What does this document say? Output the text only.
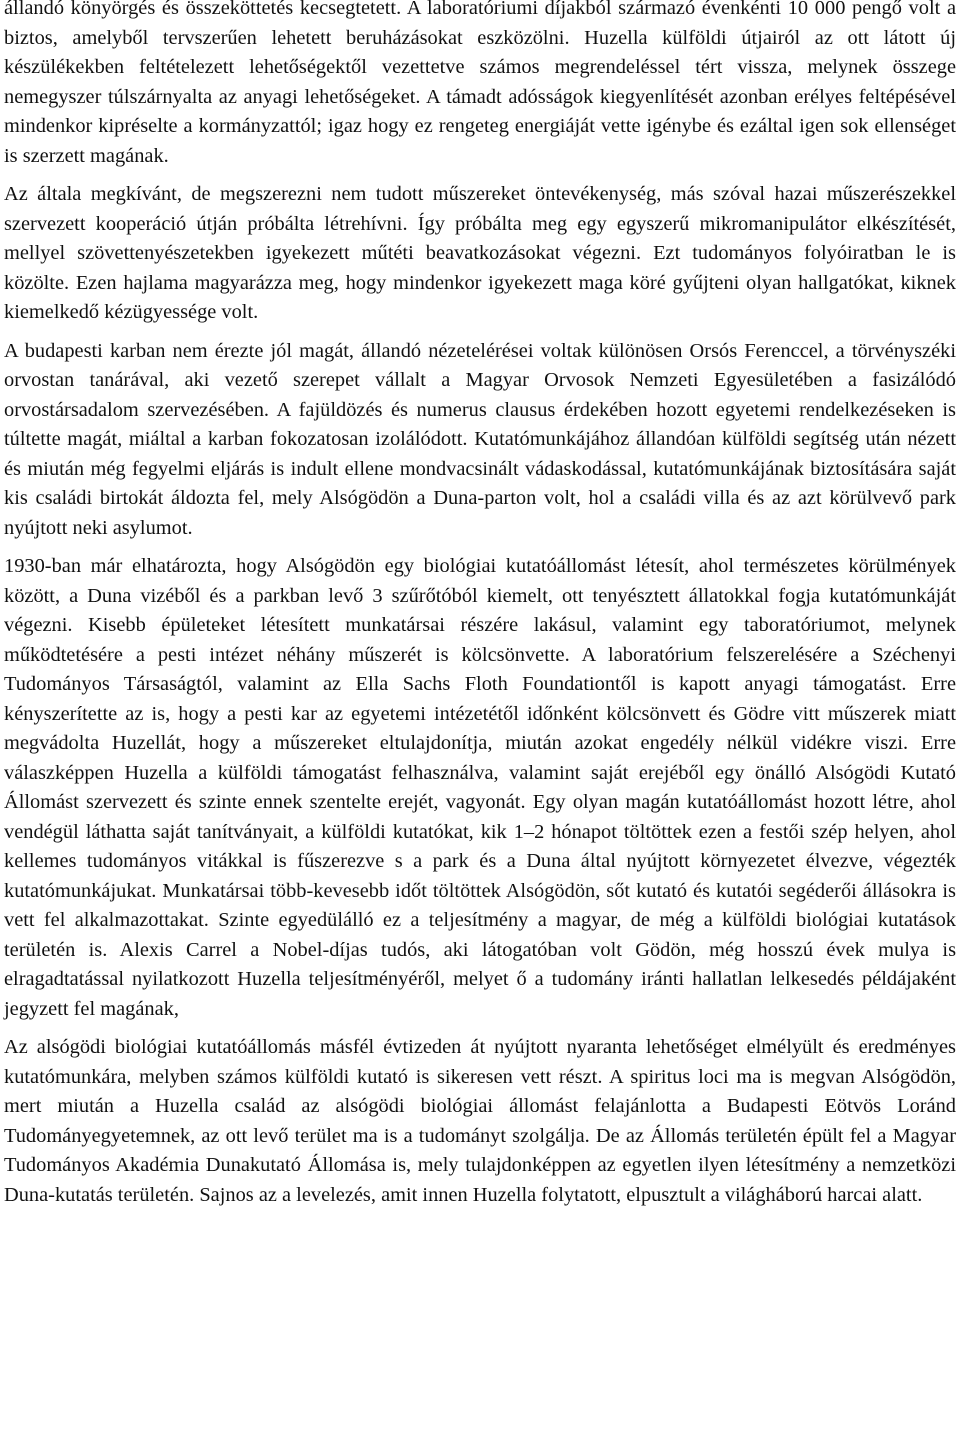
állandó könyörgés és összeköttetés kecsegtetett. A laboratóriumi díjakból származó évenkénti 10 000 pengő volt a biztos, amelyből tervszerűen lehetett beruházásokat eszközölni. Huzella külföldi útjairól az ott látott új készülékekben feltételezett lehetőségektől vezettetve számos megrendeléssel tért vissza, melynek összege nemegyszer túlszárnyalta az anyagi lehetőségeket. A támadt adósságok kiegyenlítését azonban erélyes feltépésével mindenkor kipréselte a kormányzattól; igaz hogy ez rengeteg energiáját vette igénybe és ezáltal igen sok ellenséget is szerzett magának.

Az általa megkívánt, de megszerezni nem tudott műszereket öntevékenység, más szóval hazai műszerészekkel szervezett kooperáció útján próbálta létrehívni. Így próbálta meg egy egyszerű mikromanipulátor elkészítését, mellyel szövettenyészetekben igyekezett műtéti beavatkozásokat végezni. Ezt tudományos folyóiratban le is közölte. Ezen hajlama magyarázza meg, hogy mindenkor igyekezett maga köré gyűjteni olyan hallgatókat, kiknek kiemelkedő kézügyessége volt.

A budapesti karban nem érezte jól magát, állandó nézetelérései voltak különösen Orsós Ferenccel, a törvényszéki orvostan tanárával, aki vezető szerepet vállalt a Magyar Orvosok Nemzeti Egyesületében a fasizálódó orvostársadalom szervezésében. A fajüldözés és numerus clausus érdekében hozott egyetemi rendelkezéseken is túltette magát, miáltal a karban fokozatosan izolálódott. Kutatómunkájához állandóan külföldi segítség után nézett és miután még fegyelmi eljárás is indult ellene mondvacsinált vádaskodással, kutatómunkájának biztosítására saját kis családi birtokát áldozta fel, mely Alsógödön a Duna-parton volt, hol a családi villa és az azt körülvevő park nyújtott neki asylumot.

1930-ban már elhatározta, hogy Alsógödön egy biológiai kutatóállomást létesít, ahol természetes körülmények között, a Duna vizéből és a parkban levő 3 szűrőtóból kiemelt, ott tenyésztett állatokkal fogja kutatómunkáját végezni. Kisebb épületeket létesített munkatársai részére lakásul, valamint egy taboratóriumot, melynek működtetésére a pesti intézet néhány műszerét is kölcsönvette. A laboratórium felszerelésére a Széchenyi Tudományos Társaságtól, valamint az Ella Sachs Floth Foundationtől is kapott anyagi támogatást. Erre kényszerítette az is, hogy a pesti kar az egyetemi intézetétől időnként kölcsönvett és Gödre vitt műszerek miatt megvádolta Huzellát, hogy a műszereket eltulajdonítja, miután azokat engedély nélkül vidékre viszi. Erre válaszképpen Huzella a külföldi támogatást felhasználva, valamint saját erejéből egy önálló Alsógödi Kutató Állomást szervezett és szinte ennek szentelte erejét, vagyonát. Egy olyan magán kutatóállomást hozott létre, ahol vendégül láthatta saját tanítványait, a külföldi kutatókat, kik 1–2 hónapot töltöttek ezen a festői szép helyen, ahol kellemes tudományos vitákkal is fűszerezve s a park és a Duna által nyújtott környezetet élvezve, végezték kutatómunkájukat. Munkatársai több-kevesebb időt töltöttek Alsógödön, sőt kutató és kutatói segéderői állásokra is vett fel alkalmazottakat. Szinte egyedülálló ez a teljesítmény a magyar, de még a külföldi biológiai kutatások területén is. Alexis Carrel a Nobel-díjas tudós, aki látogatóban volt Gödön, még hosszú évek mulya is elragadtatással nyilatkozott Huzella teljesítményéről, melyet ő a tudomány iránti hallatlan lelkesedés példájaként jegyzett fel magának,

Az alsógödi biológiai kutatóállomás másfél évtizeden át nyújtott nyaranta lehetőséget elmélyült és eredményes kutatómunkára, melyben számos külföldi kutató is sikeresen vett részt. A spiritus loci ma is megvan Alsógödön, mert miután a Huzella család az alsógödi biológiai állomást felajánlotta a Budapesti Eötvös Loránd Tudományegyetemnek, az ott levő terület ma is a tudományt szolgálja. De az Állomás területén épült fel a Magyar Tudományos Akadémia Dunakutató Állomása is, mely tulajdonképpen az egyetlen ilyen létesítmény a nemzetközi Duna-kutatás területén. Sajnos az a levelezés, amit innen Huzella folytatott, elpusztult a világháború harcai alatt.
